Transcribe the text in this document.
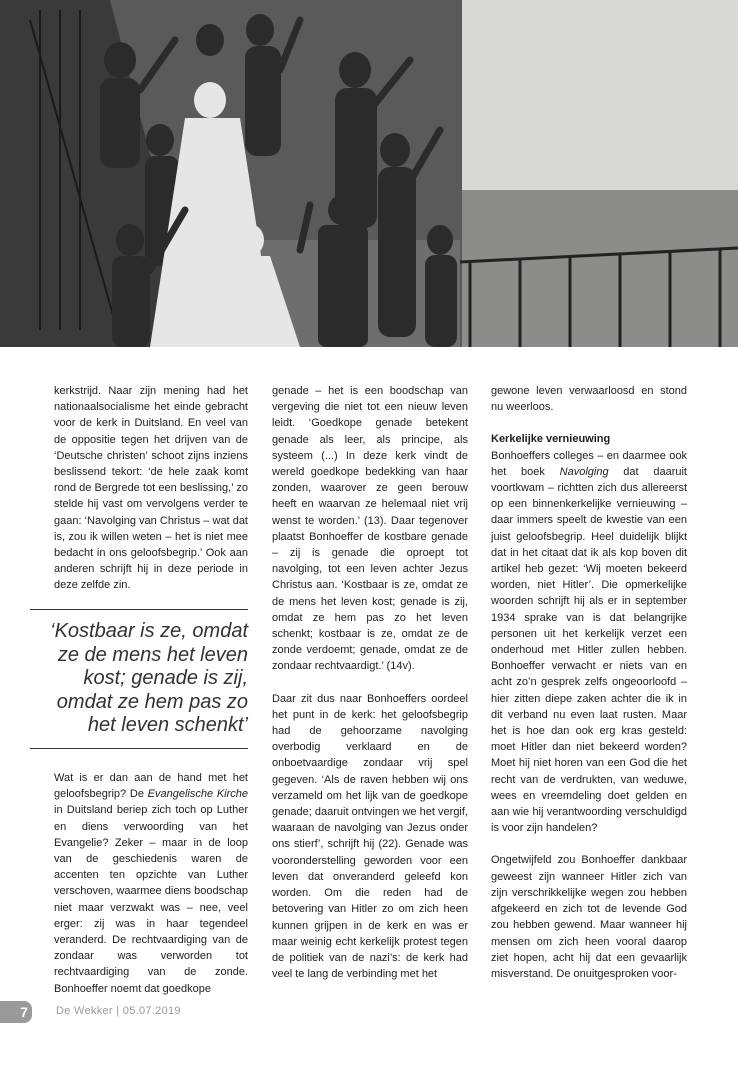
kerkstrijd. Naar zijn mening had het nationaalsocialisme het einde gebracht voor de kerk in Duitsland. En veel van de oppositie tegen het drijven van de ‘Deutsche christen’ schoot zijns inziens beslissend tekort: ‘de hele zaak komt rond de Bergrede tot een beslissing,’ zo stelde hij vast om vervolgens verder te gaan: ‘Navolging van Christus – wat dat is, zou ik willen weten – het is niet mee bedacht in ons geloofsbegrip.’ Ook aan anderen schrijft hij in deze periode in deze zelfde zin.

‘Kostbaar is ze, omdat ze de mens het leven kost; genade is zij, omdat ze hem pas zo het leven schenkt’

Wat is er dan aan de hand met het geloofsbegrip? De Evangelische Kirche in Duitsland beriep zich toch op Luther en diens verwoording van het Evangelie? Zeker – maar in de loop van de geschiedenis waren de accenten ten opzichte van Luther verschoven, waarmee diens boodschap niet maar verzwakt was – nee, veel erger: zij was in haar tegendeel veranderd. De rechtvaardiging van de zondaar was verworden tot rechtvaardiging van de zonde. Bonhoeffer noemt dat goedkope

genade – het is een boodschap van vergeving die niet tot een nieuw leven leidt. ‘Goedkope genade betekent genade als leer, als principe, als systeem (...) In deze kerk vindt de wereld goedkope bedekking van haar zonden, waarover ze geen berouw heeft en waarvan ze helemaal niet vrij wenst te worden.’ (13). Daar tegenover plaatst Bonhoeffer de kostbare genade – zij is genade die oproept tot navolging, tot een leven achter Jezus Christus aan. ‘Kostbaar is ze, omdat ze de mens het leven kost; genade is zij, omdat ze hem pas zo het leven schenkt; kostbaar is ze, omdat ze de zonde verdoemt; genade, omdat ze de zondaar rechtvaardigt.’ (14v).

Daar zit dus naar Bonhoeffers oordeel het punt in de kerk: het geloofsbegrip had de gehoorzame navolging overbodig verklaard en de onboetvaardige zondaar vrij spel gegeven. ‘Als de raven hebben wij ons verzameld om het lijk van de goedkope genade; daaruit ontvingen we het vergif, waaraan de navolging van Jezus onder ons stierf’, schrijft hij (22). Genade was vooronderstelling geworden voor een leven dat onveranderd geleefd kon worden. Om die reden had de betovering van Hitler zo om zich heen kunnen grijpen in de kerk en was er maar weinig echt kerkelijk protest tegen de politiek van de nazi’s: de kerk had veel te lang de verbinding met het

gewone leven verwaarloosd en stond nu weerloos.

Kerkelijke vernieuwing

Bonhoeffers colleges – en daarmee ook het boek Navolging dat daaruit voortkwam – richtten zich dus allereerst op een binnenkerkelijke vernieuwing – daar immers speelt de kwestie van een juist geloofsbegrip. Heel duidelijk blijkt dat in het citaat dat ik als kop boven dit artikel heb gezet: ‘Wij moeten bekeerd worden, niet Hitler’. Die opmerkelijke woorden schrijft hij als er in september 1934 sprake van is dat belangrijke personen uit het kerkelijk verzet een onderhoud met Hitler zullen hebben. Bonhoeffer verwacht er niets van en acht zo’n gesprek zelfs ongeoorloofd – hier zitten diepe zaken achter die ik in dit verband nu even laat rusten. Maar het is hoe dan ook erg kras gesteld: moet Hitler dan niet bekeerd worden? Moet hij niet horen van een God die het recht van de verdrukten, van weduwe, wees en vreemdeling doet gelden en aan wie hij verantwoording verschuldigd is voor zijn handelen?

Ongetwijfeld zou Bonhoeffer dankbaar geweest zijn wanneer Hitler zich van zijn verschrikkelijke wegen zou hebben afgekeerd en zich tot de levende God zou hebben gewend. Maar wanneer hij mensen om zich heen vooral daarop ziet hopen, acht hij dat een gevaarlijk misverstand. De onuitgesproken voor-

7	De Wekker | 05.07.2019
